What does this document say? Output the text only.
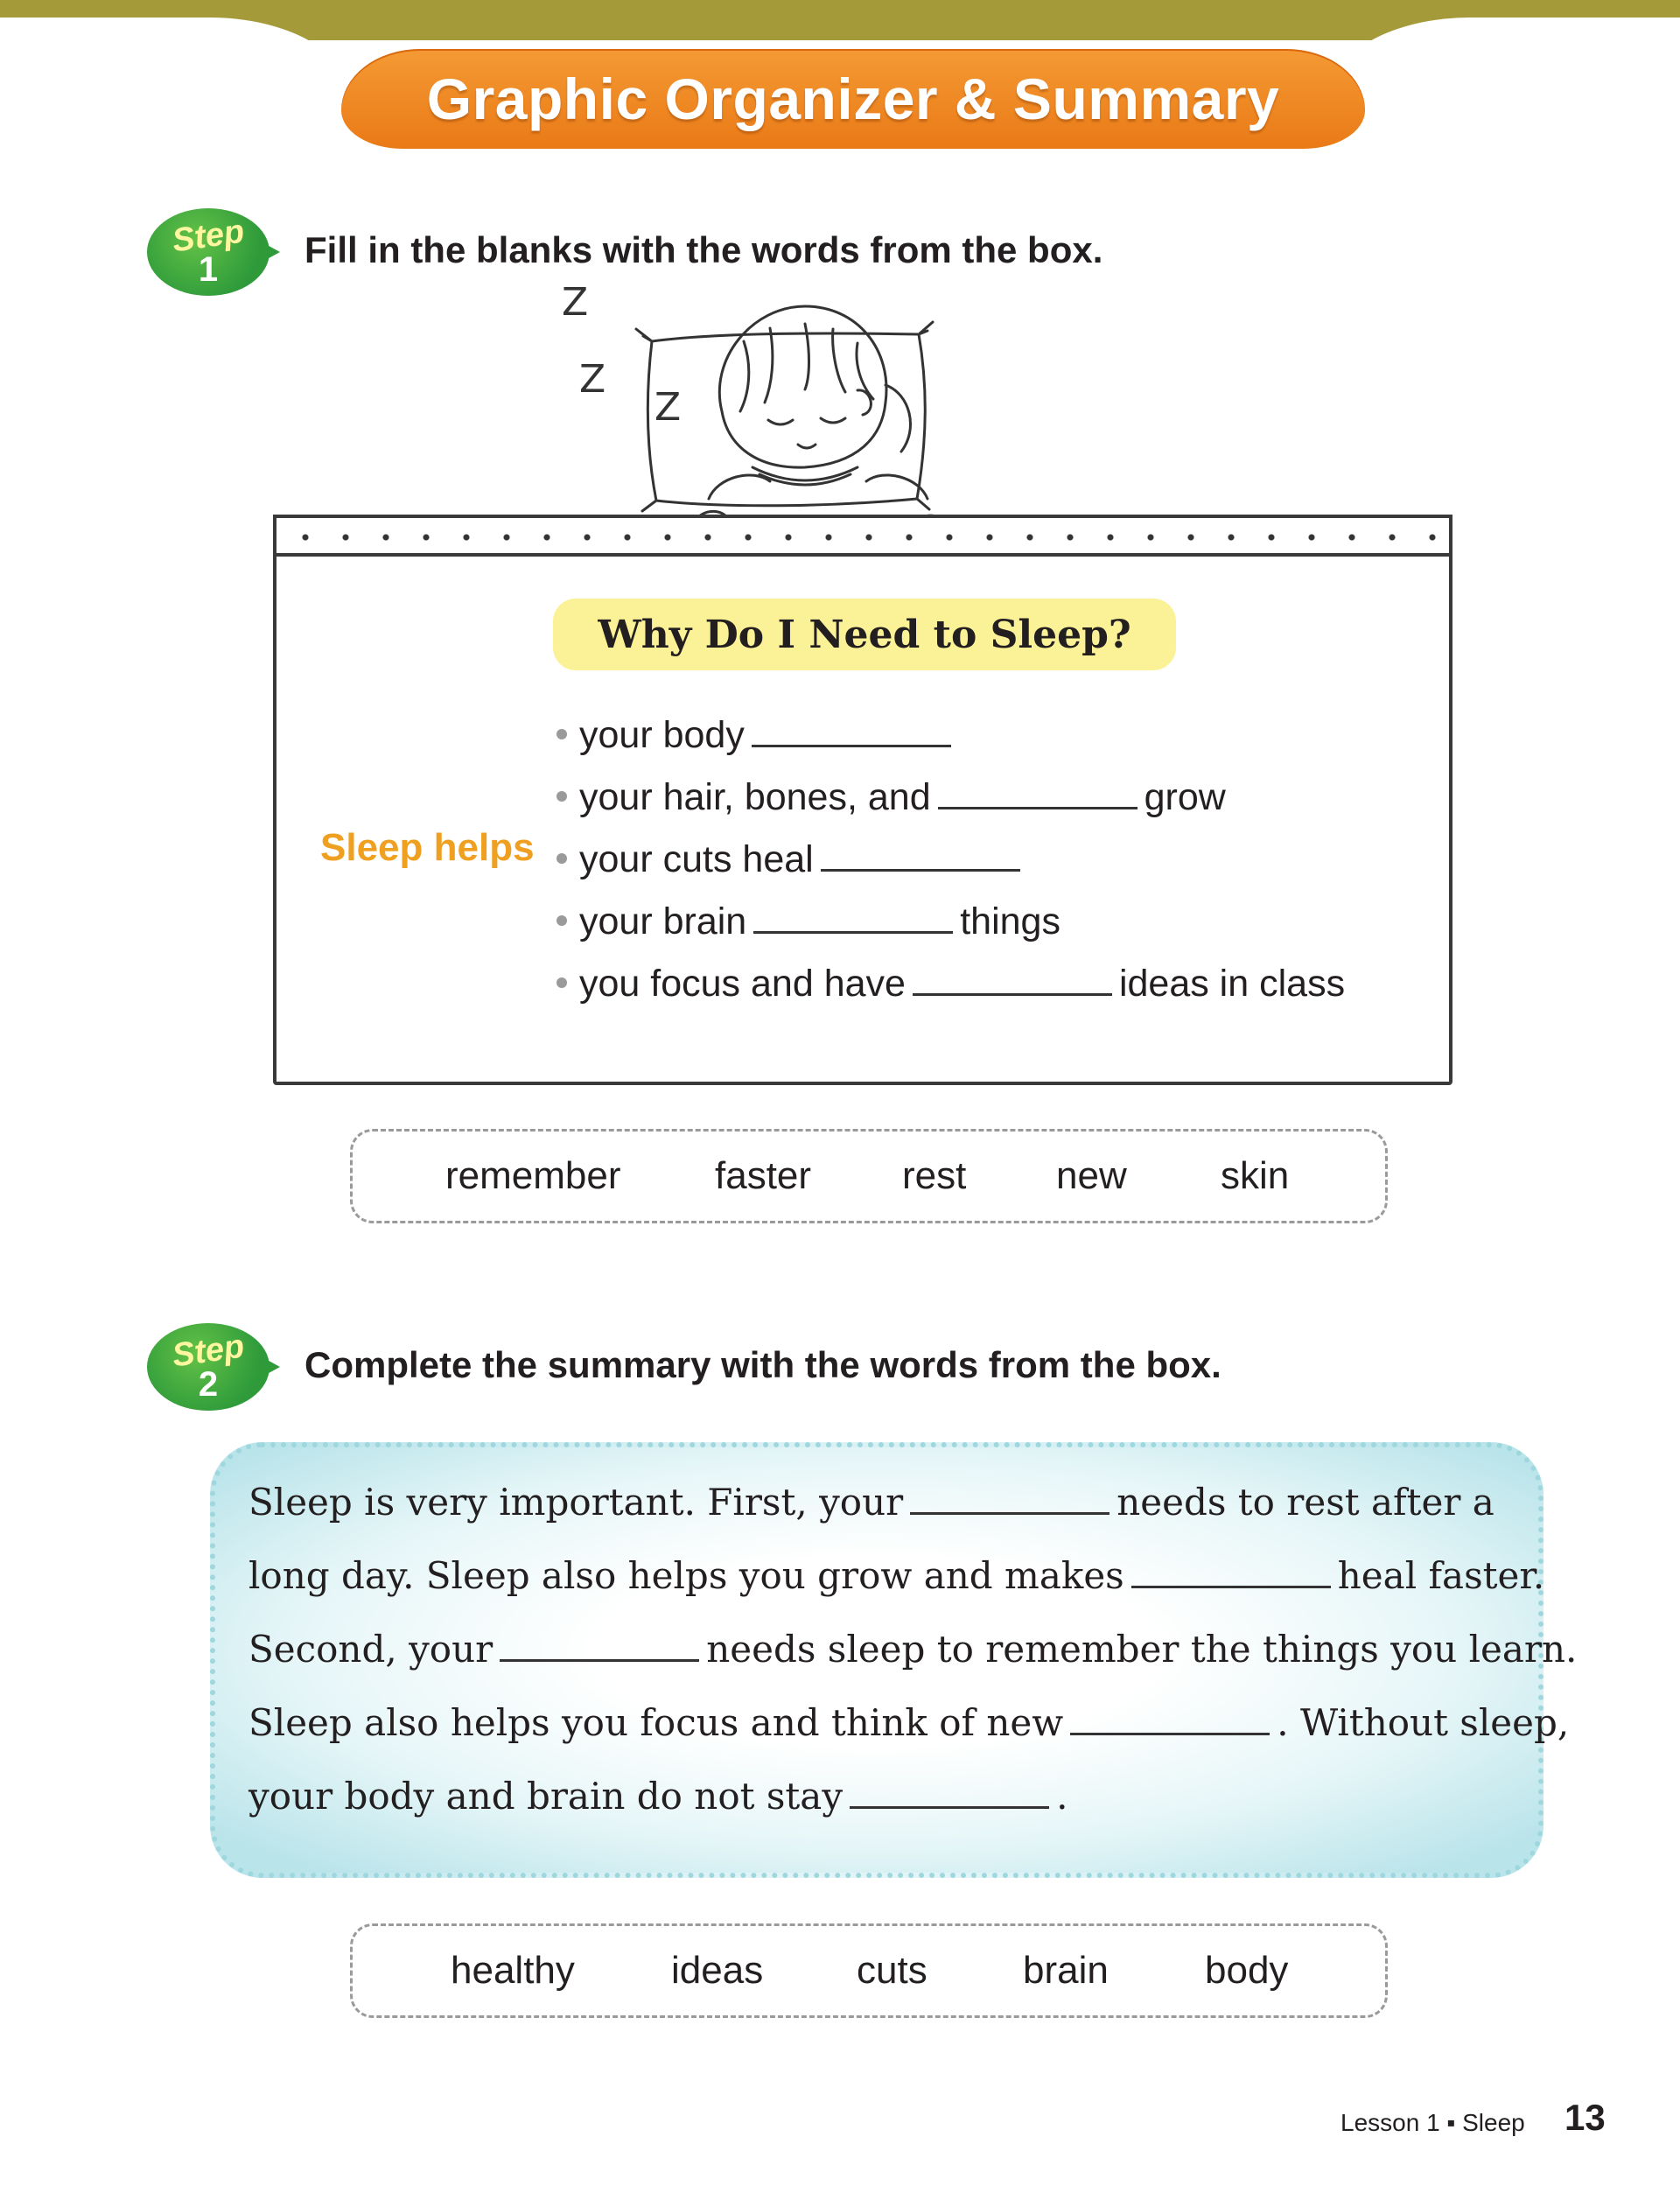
Graphic Organizer & Summary
Step
1	Fill in the blanks with the words from the box.
Z
Z
Z
Why Do I Need to Sleep?
Sleep helps
your body
your hair, bones, and	grow
your cuts heal
your brain	things
you focus and have	ideas in class
remember faster rest new skin
Step
2	Complete the summary with the words from the box.
Sleep is very important. First, your	needs to rest after a
long day. Sleep also helps you grow and makes	heal faster.
Second, your	needs sleep to remember the things you learn.
Sleep also helps you focus and think of new	. Without sleep,
your body and brain do not stay	.
healthy	ideas cuts brain	body
Lesson 1 ▪ Sleep 13
